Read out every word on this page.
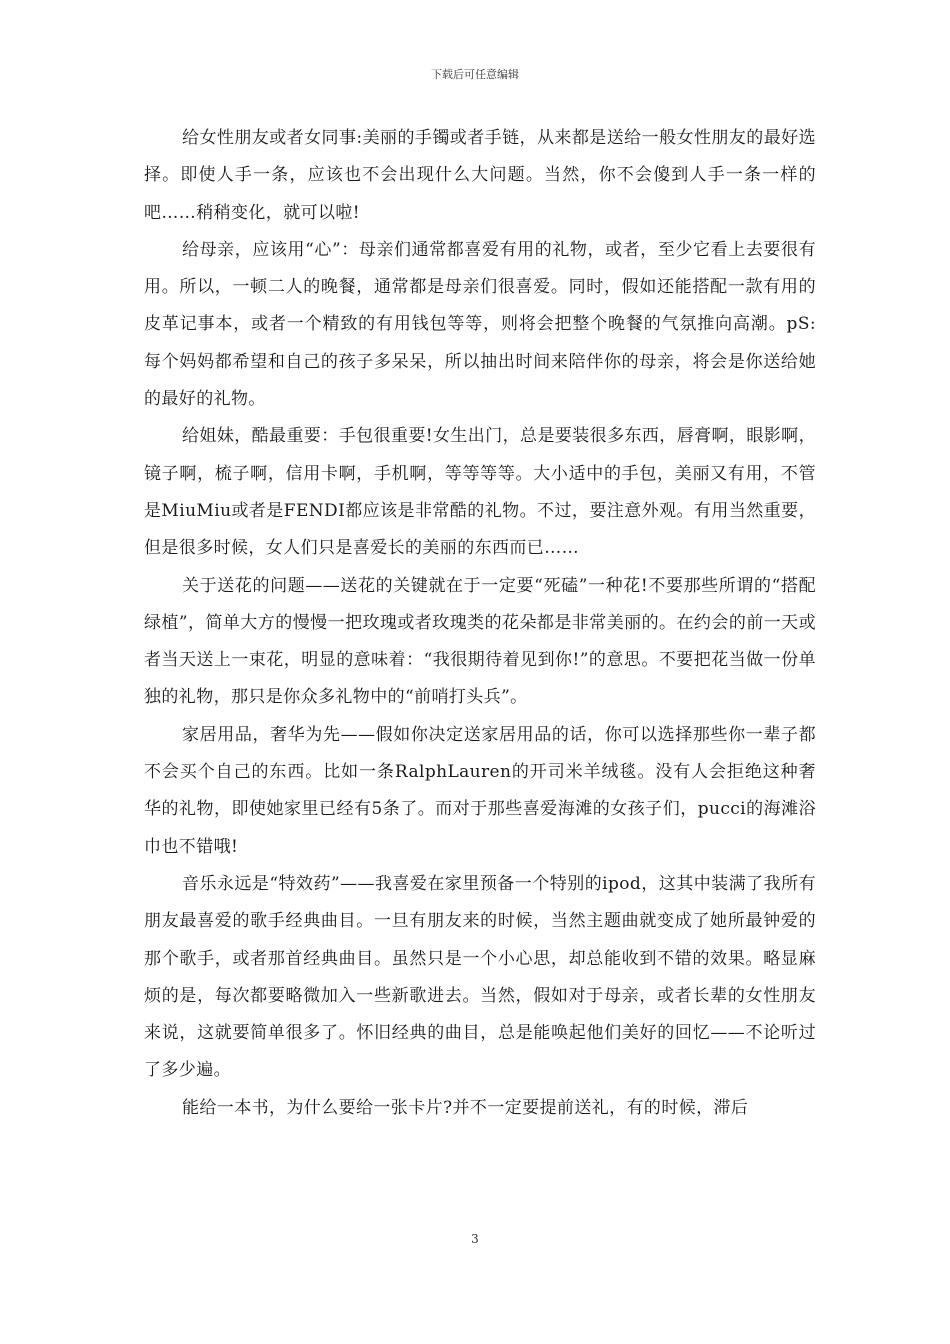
下载后可任意编辑

给女性朋友或者女同事:美丽的手镯或者手链，从来都是送给一般女性朋友的最好选择。即使人手一条，应该也不会出现什么大问题。当然，你不会傻到人手一条一样的吧……稍稍变化，就可以啦!

给母亲，应该用“心”：母亲们通常都喜爱有用的礼物，或者，至少它看上去要很有用。所以，一顿二人的晚餐，通常都是母亲们很喜爱。同时，假如还能搭配一款有用的皮革记事本，或者一个精致的有用钱包等等，则将会把整个晚餐的气氛推向高潮。pS:每个妈妈都希望和自己的孩子多呆呆，所以抽出时间来陪伴你的母亲，将会是你送给她的最好的礼物。

给姐妹，酷最重要：手包很重要!女生出门，总是要装很多东西，唇膏啊，眼影啊，镜子啊，梳子啊，信用卡啊，手机啊，等等等等。大小适中的手包，美丽又有用，不管是MiuMiu或者是FENDI都应该是非常酷的礼物。不过，要注意外观。有用当然重要，但是很多时候，女人们只是喜爱长的美丽的东西而已……

关于送花的问题——送花的关键就在于一定要“死磕”一种花!不要那些所谓的“搭配绿植”，简单大方的慢慢一把玫瑰或者玫瑰类的花朵都是非常美丽的。在约会的前一天或者当天送上一束花，明显的意味着：“我很期待着见到你!”的意思。不要把花当做一份单独的礼物，那只是你众多礼物中的“前哨打头兵”。

家居用品，奢华为先——假如你决定送家居用品的话，你可以选择那些你一辈子都不会买个自己的东西。比如一条RalphLauren的开司米羊绒毯。没有人会拒绝这种奢华的礼物，即使她家里已经有5条了。而对于那些喜爱海滩的女孩子们，pucci的海滩浴巾也不错哦!

音乐永远是“特效药”——我喜爱在家里预备一个特别的ipod，这其中装满了我所有朋友最喜爱的歌手经典曲目。一旦有朋友来的时候，当然主题曲就变成了她所最钟爱的那个歌手，或者那首经典曲目。虽然只是一个小心思，却总能收到不错的效果。略显麻烦的是，每次都要略微加入一些新歌进去。当然，假如对于母亲，或者长辈的女性朋友来说，这就要简单很多了。怀旧经典的曲目，总是能唤起他们美好的回忆——不论听过了多少遍。

能给一本书，为什么要给一张卡片?并不一定要提前送礼，有的时候，滞后

3
